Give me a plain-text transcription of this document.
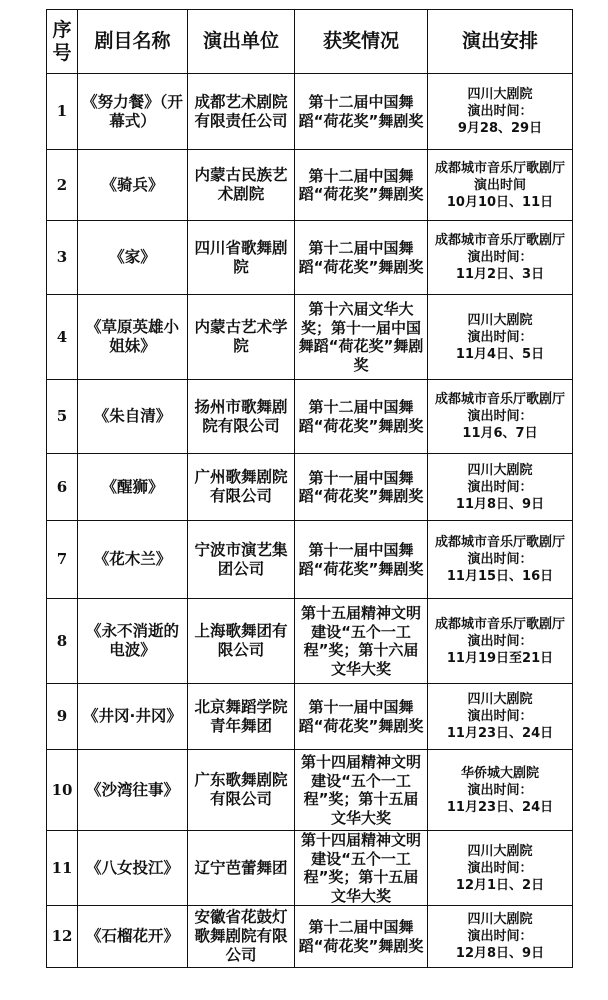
序号	剧目名称	演出单位	获奖情况	演出安排
1	《努力餐》（开幕式）	成都艺术剧院有限责任公司	第十二届中国舞蹈“荷花奖”舞剧奖	四川大剧院
演出时间：
9月28、29日

2	《骑兵》	内蒙古民族艺术剧院	第十二届中国舞蹈“荷花奖”舞剧奖	成都城市音乐厅歌剧厅
演出时间
10月10日、11日

3	《家》	四川省歌舞剧院	第十二届中国舞蹈“荷花奖”舞剧奖	成都城市音乐厅歌剧厅
演出时间：
11月2日、3日

4	《草原英雄小姐妹》	内蒙古艺术学院	第十六届文华大奖；第十一届中国舞蹈“荷花奖”舞剧奖	四川大剧院
演出时间：
11月4日、5日

5	《朱自清》	扬州市歌舞剧院有限公司	第十二届中国舞蹈“荷花奖”舞剧奖	成都城市音乐厅歌剧厅
演出时间：
11月6、7日

6	《醒狮》	广州歌舞剧院有限公司	第十一届中国舞蹈“荷花奖”舞剧奖	四川大剧院
演出时间：
11月8日、9日

7	《花木兰》	宁波市演艺集团公司	第十一届中国舞蹈“荷花奖”舞剧奖	成都城市音乐厅歌剧厅
演出时间：
11月15日、16日

8	《永不消逝的电波》	上海歌舞团有限公司	第十五届精神文明建设“五个一工程”奖；第十六届文华大奖	成都城市音乐厅歌剧厅
演出时间：
11月19日至21日

9	《井冈·井冈》	北京舞蹈学院青年舞团	第十一届中国舞蹈“荷花奖”舞剧奖	四川大剧院
演出时间：
11月23日、24日

10	《沙湾往事》	广东歌舞剧院有限公司	第十四届精神文明建设“五个一工程”奖；第十五届文华大奖	华侨城大剧院
演出时间：
11月23日、24日

11	《八女投江》	辽宁芭蕾舞团	第十四届精神文明建设“五个一工程”奖；第十五届文华大奖	四川大剧院
演出时间：
12月1日、2日

12	《石榴花开》	安徽省花鼓灯歌舞剧院有限公司	第十二届中国舞蹈“荷花奖”舞剧奖	四川大剧院
演出时间：
12月8日、9日
